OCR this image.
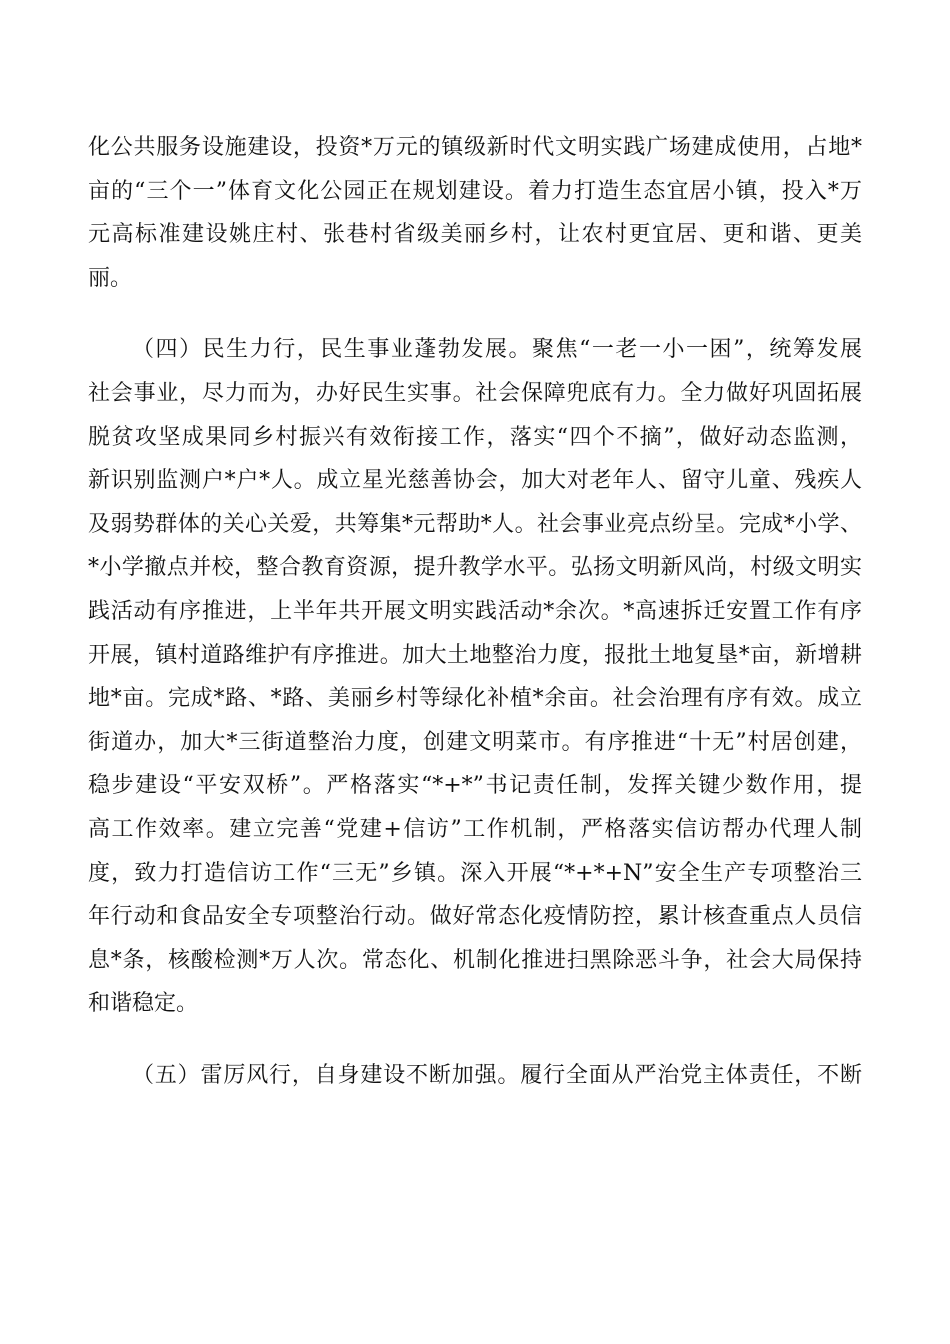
化公共服务设施建设，投资*万元的镇级新时代文明实践广场建成使用，占地*
亩的“三个一”体育文化公园正在规划建设。着力打造生态宜居小镇，投入*万
元高标准建设姚庄村、张巷村省级美丽乡村，让农村更宜居、更和谐、更美
丽。
（四）民生力行，民生事业蓬勃发展。聚焦“一老一小一困”，统筹发展
社会事业，尽力而为，办好民生实事。社会保障兜底有力。全力做好巩固拓展
脱贫攻坚成果同乡村振兴有效衔接工作，落实“四个不摘”，做好动态监测，
新识别监测户*户*人。成立星光慈善协会，加大对老年人、留守儿童、残疾人
及弱势群体的关心关爱，共筹集*元帮助*人。社会事业亮点纷呈。完成*小学、
*小学撤点并校，整合教育资源，提升教学水平。弘扬文明新风尚，村级文明实
践活动有序推进，上半年共开展文明实践活动*余次。*高速拆迁安置工作有序
开展，镇村道路维护有序推进。加大土地整治力度，报批土地复垦*亩，新增耕
地*亩。完成*路、*路、美丽乡村等绿化补植*余亩。社会治理有序有效。成立
街道办，加大*三街道整治力度，创建文明菜市。有序推进“十无”村居创建，
稳步建设“平安双桥”。严格落实“*+*”书记责任制，发挥关键少数作用，提
高工作效率。建立完善“党建+信访”工作机制，严格落实信访帮办代理人制
度，致力打造信访工作“三无”乡镇。深入开展“*+*+N”安全生产专项整治三
年行动和食品安全专项整治行动。做好常态化疫情防控，累计核查重点人员信
息*条，核酸检测*万人次。常态化、机制化推进扫黑除恶斗争，社会大局保持
和谐稳定。
（五）雷厉风行，自身建设不断加强。履行全面从严治党主体责任，不断
